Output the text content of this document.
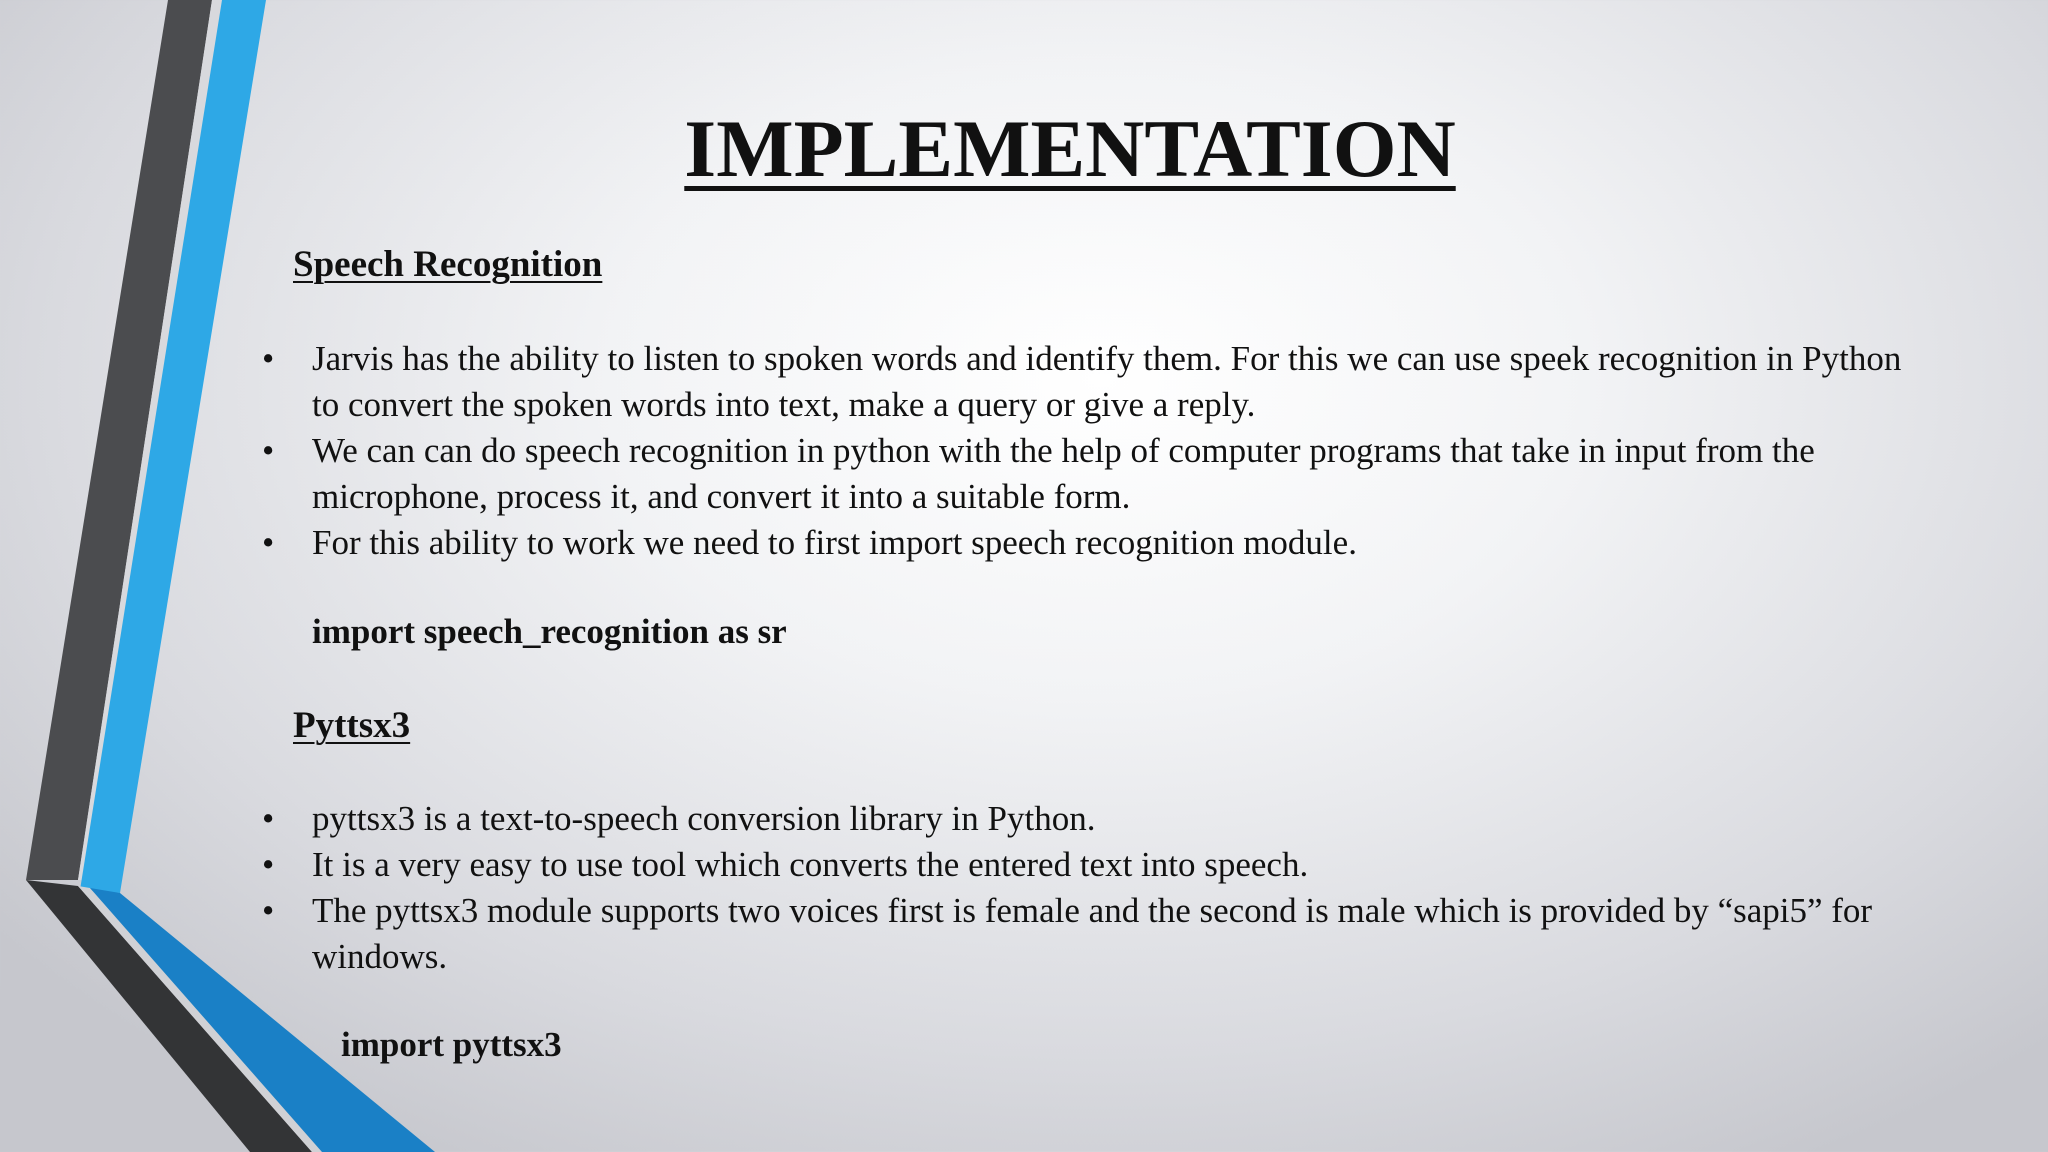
IMPLEMENTATION
Speech Recognition
• Jarvis has the ability to listen to spoken words and identify them. For this we can use speek recognition in Python to convert the spoken words into text, make a query or give a reply.
• We can can do speech recognition in python with the help of computer programs that take in input from the microphone, process it, and convert it into a suitable form.
• For this ability to work we need to first import speech recognition module.

import speech_recognition as sr

Pyttsx3
• pyttsx3 is a text-to-speech conversion library in Python.
• It is a very easy to use tool which converts the entered text into speech.
• The pyttsx3 module supports two voices first is female and the second is male which is provided by “sapi5” for windows.

import pyttsx3
